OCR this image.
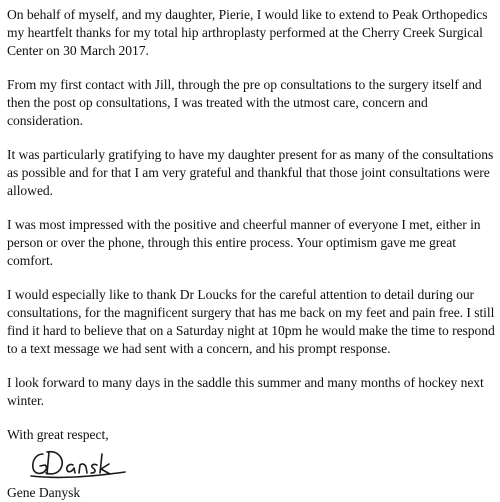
On behalf of myself, and my daughter, Pierie, I would like to extend to Peak Orthopedics my heartfelt thanks for my total hip arthroplasty performed at the Cherry Creek Surgical Center on 30 March 2017.

From my first contact with Jill, through the pre op consultations to the surgery itself and then the post op consultations, I was treated with the utmost care, concern and consideration.

It was particularly gratifying to have my daughter present for as many of the consultations as possible and for that I am very grateful and thankful that those joint consultations were allowed.

I was most impressed with the positive and cheerful manner of everyone I met, either in person or over the phone, through this entire process. Your optimism gave me great comfort.

I would especially like to thank Dr Loucks for the careful attention to detail during our consultations, for the magnificent surgery that has me back on my feet and pain free. I still find it hard to believe that on a Saturday night at 10pm he would make the time to respond to a text message we had sent with a concern, and his prompt response.

I look forward to many days in the saddle this summer and many months of hockey next winter.

With great respect,

Gene Danysk
